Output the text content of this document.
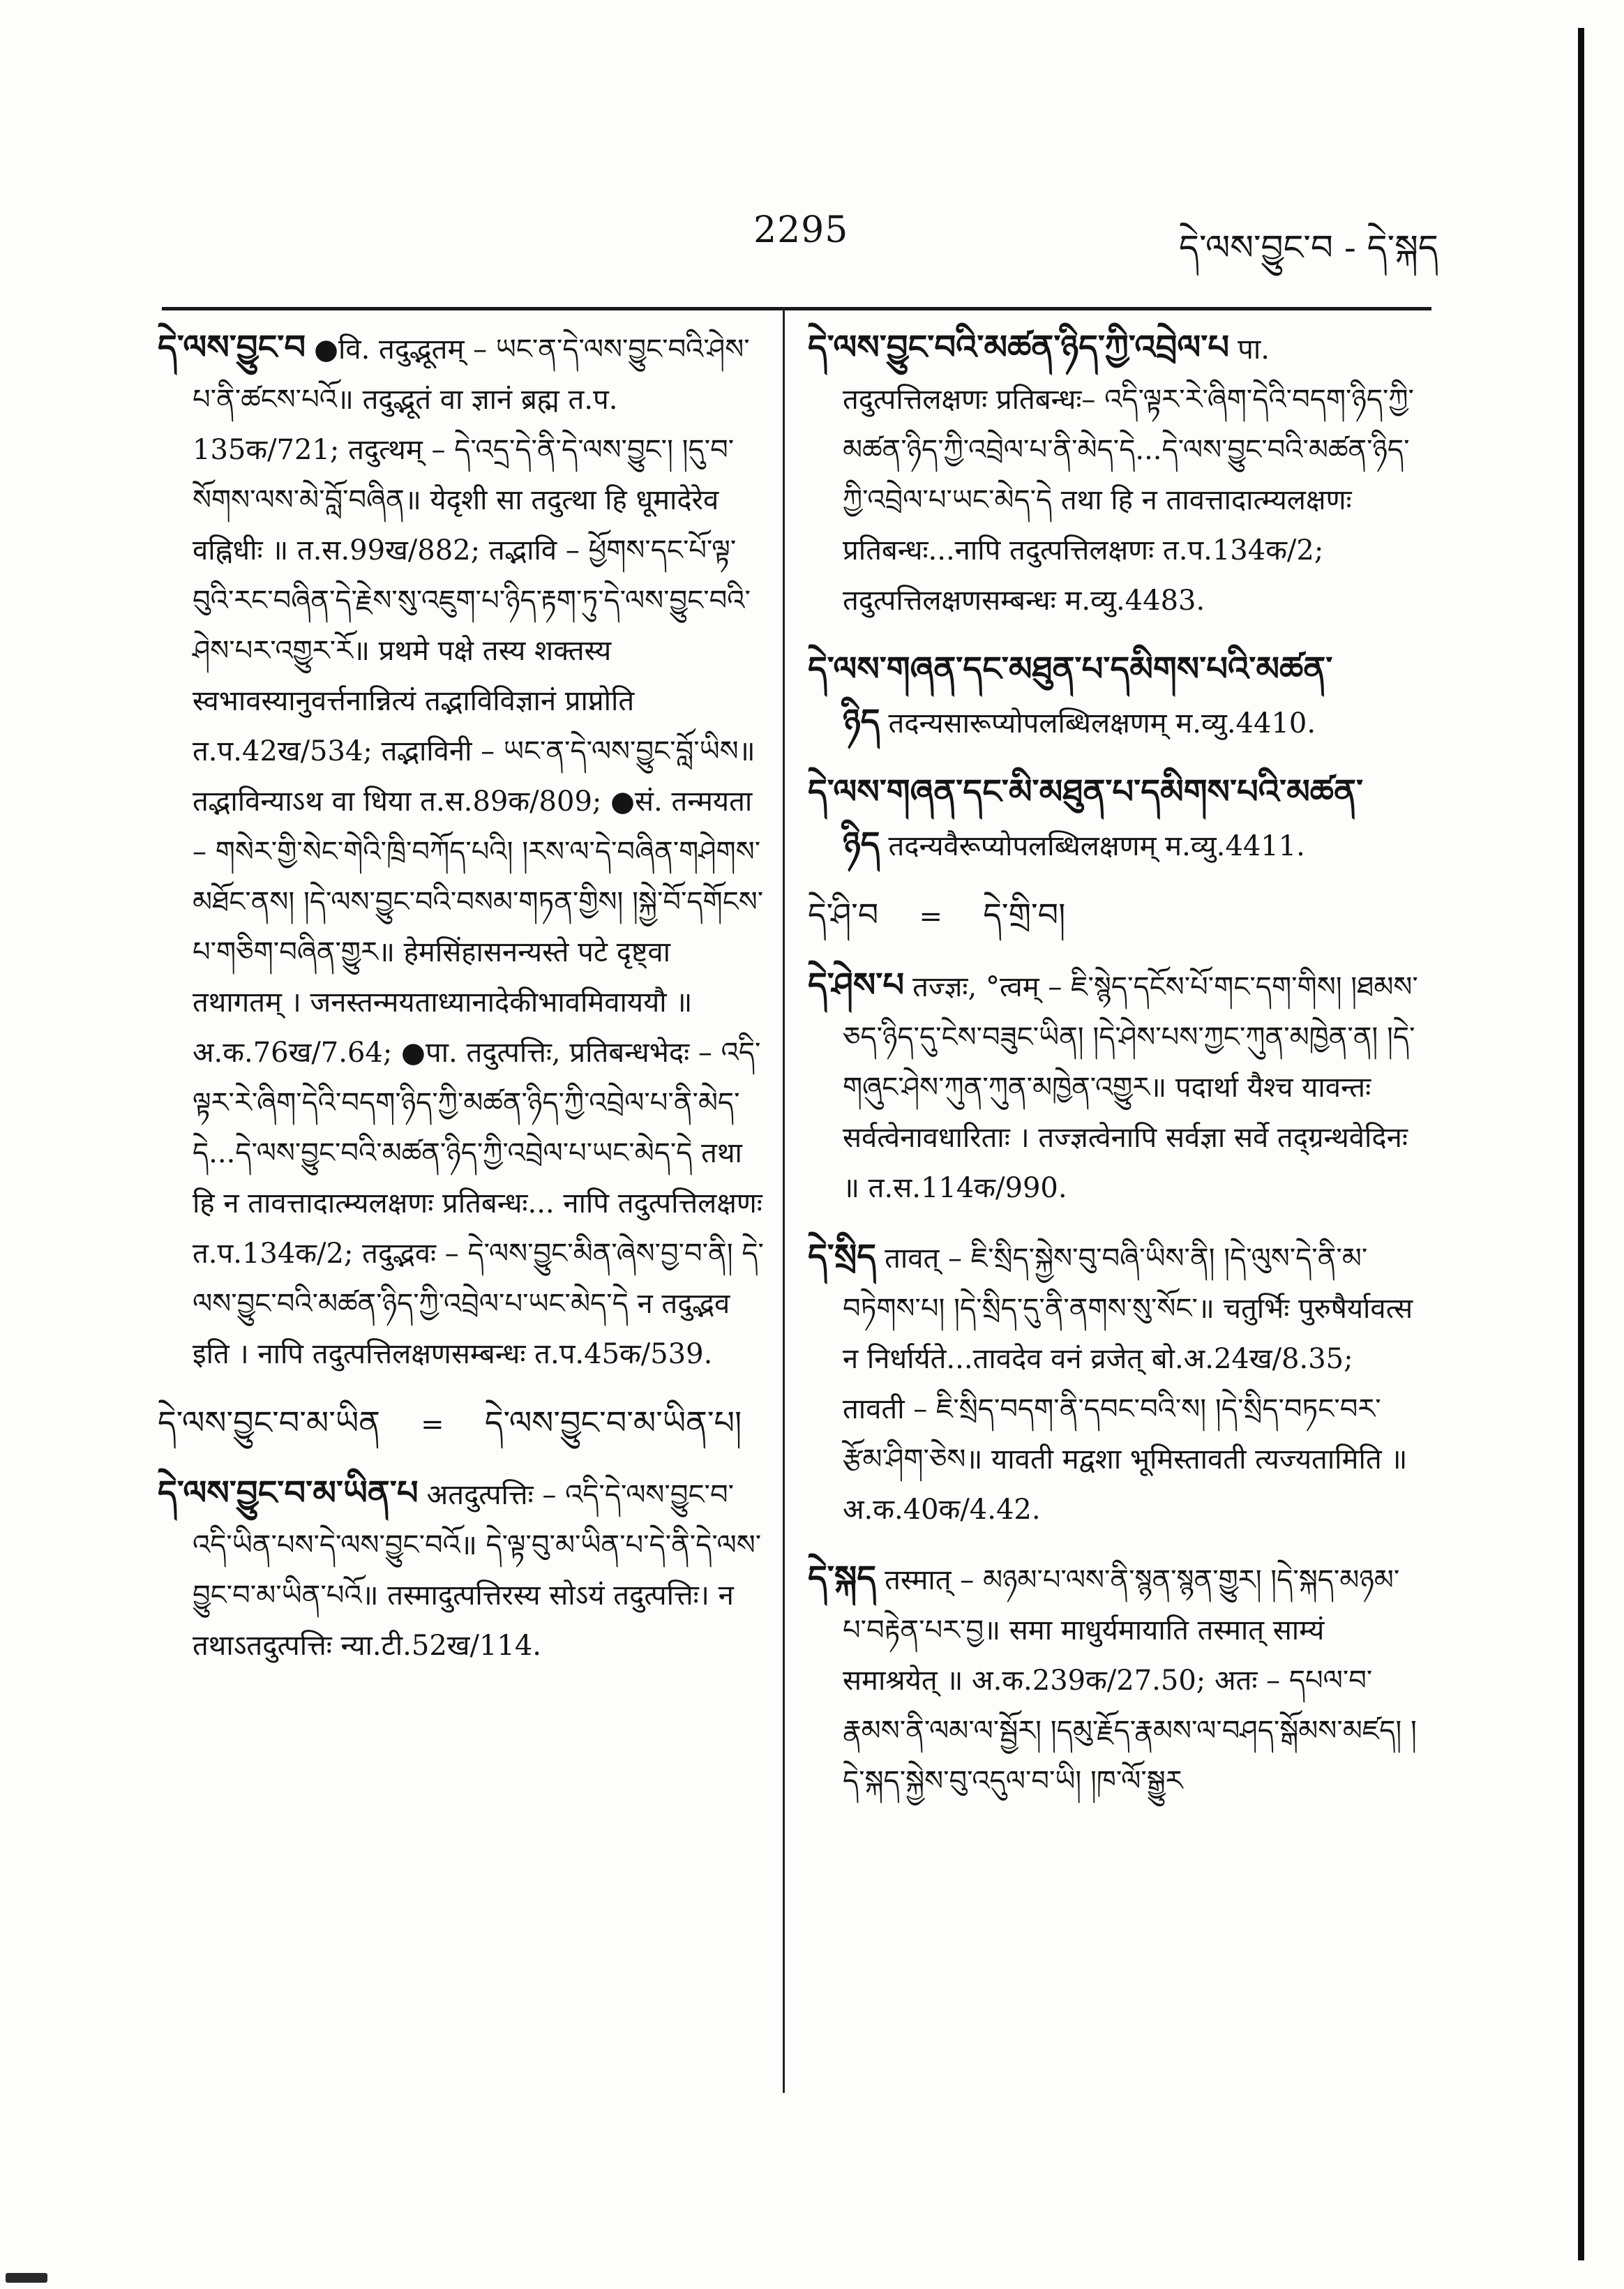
2295	དེ་ལས་བྱུང་བ - དེ་སྐད

དེ་ལས་བྱུང་བ ●वि. तदुद्भूतम् – ཡང་ན་དེ་ལས་བྱུང་བའི་ཤེས་པ་ནི་ཚངས་པའོ॥ तदुद्भूतं वा ज्ञानं ब्रह्म त.प. 135क/721; तदुत्थम् – དེ་འདྲ་དེ་ནི་དེ་ལས་བྱུང་། །དུ་བ་སོགས་ལས་མེ་བློ་བཞིན॥ येदृशी सा तदुत्था हि धूमादेरेव वह्निधीः ॥ त.स.99ख/882; तद्भावि – ཕྱོགས་དང་པོ་ལྟ་བུའི་རང་བཞིན་དེ་རྗེས་སུ་འཇུག་པ་ཉིད་རྟག་ཏུ་དེ་ལས་བྱུང་བའི་ཤེས་པར་འགྱུར་རོ॥ प्रथमे पक्षे तस्य शक्तस्य स्वभावस्यानुवर्त्तनान्नित्यं तद्भाविविज्ञानं प्राप्नोति त.प.42ख/534; तद्भाविनी – ཡང་ན་དེ་ལས་བྱུང་བློ་ཡིས॥ तद्भाविन्याऽथ वा धिया त.स.89क/809; ●सं. तन्मयता – གསེར་གྱི་སེང་གེའི་ཁྲི་བཀོད་པའི། །རས་ལ་དེ་བཞིན་གཤེགས་མཐོང་ནས། །དེ་ལས་བྱུང་བའི་བསམ་གཏན་གྱིས། །སྐྱེ་བོ་དགོངས་པ་གཅིག་བཞིན་གྱུར॥ हेमसिंहासनन्यस्ते पटे दृष्ट्वा तथागतम् । जनस्तन्मयताध्यानादेकीभावमिवाययौ ॥ अ.क.76ख/7.64; ●पा. तदुत्पत्तिः, प्रतिबन्धभेदः – འདི་ལྟར་རེ་ཞིག་དེའི་བདག་ཉིད་ཀྱི་མཚན་ཉིད་ཀྱི་འབྲེལ་པ་ནི་མེད་དེ...དེ་ལས་བྱུང་བའི་མཚན་ཉིད་ཀྱི་འབྲེལ་པ་ཡང་མེད་དེ तथा हि न तावत्तादात्म्यलक्षणः प्रतिबन्धः... नापि तदुत्पत्तिलक्षणः त.प.134क/2; तदुद्भवः – དེ་ལས་བྱུང་མིན་ཞེས་བྱ་བ་ནི། དེ་ལས་བྱུང་བའི་མཚན་ཉིད་ཀྱི་འབྲེལ་པ་ཡང་མེད་དེ न तदुद्भव इति । नापि तदुत्पत्तिलक्षणसम्बन्धः त.प.45क/539.

དེ་ལས་བྱུང་བ་མ་ཡིན = དེ་ལས་བྱུང་བ་མ་ཡིན་པ།

དེ་ལས་བྱུང་བ་མ་ཡིན་པ अतदुत्पत्तिः – འདི་དེ་ལས་བྱུང་བ་འདི་ཡིན་པས་དེ་ལས་བྱུང་བའོ॥ དེ་ལྟ་བུ་མ་ཡིན་པ་དེ་ནི་དེ་ལས་བྱུང་བ་མ་ཡིན་པའོ॥ तस्मादुत्पत्तिरस्य सोऽयं तदुत्पत्तिः। न तथाऽतदुत्पत्तिः न्या.टी.52ख/114.

དེ་ལས་བྱུང་བའི་མཚན་ཉིད་ཀྱི་འབྲེལ་པ पा. तदुत्पत्तिलक्षणः प्रतिबन्धः– འདི་ལྟར་རེ་ཞིག་དེའི་བདག་ཉིད་ཀྱི་མཚན་ཉིད་ཀྱི་འབྲེལ་པ་ནི་མེད་དེ...དེ་ལས་བྱུང་བའི་མཚན་ཉིད་ཀྱི་འབྲེལ་པ་ཡང་མེད་དེ तथा हि न तावत्तादात्म्यलक्षणः प्रतिबन्धः...नापि तदुत्पत्तिलक्षणः त.प.134क/2; तदुत्पत्तिलक्षणसम्बन्धः म.व्यु.4483.

དེ་ལས་གཞན་དང་མཐུན་པ་དམིགས་པའི་མཚན་ཉིད तदन्यसारूप्योपलब्धिलक्षणम् म.व्यु.4410.

དེ་ལས་གཞན་དང་མི་མཐུན་པ་དམིགས་པའི་མཚན་ཉིད तदन्यवैरूप्योपलब्धिलक्षणम् म.व्यु.4411.

དེ་ཤི་བ = དེ་གྲི་བ།

དེ་ཤེས་པ तज्ज्ञः, °त्वम् – ཇི་སྙེད་དངོས་པོ་གང་དག་གིས། །ཐམས་ཅད་ཉིད་དུ་ངེས་བཟུང་ཡིན། །དེ་ཤེས་པས་ཀྱང་ཀུན་མཁྱེན་ན། །དེ་གཞུང་ཤེས་ཀུན་ཀུན་མཁྱེན་འགྱུར॥ पदार्था यैश्च यावन्तः सर्वत्वेनावधारिताः । तज्ज्ञत्वेनापि सर्वज्ञा सर्वे तद्ग्रन्थवेदिनः ॥ त.स.114क/990.

དེ་སྲིད तावत् – ཇི་སྲིད་སྐྱེས་བུ་བཞི་ཡིས་ནི། །དེ་ལུས་དེ་ནི་མ་བཏེགས་པ། །དེ་སྲིད་དུ་ནི་ནགས་སུ་སོང་॥ चतुर्भिः पुरुषैर्यावत्स न निर्धार्यते...तावदेव वनं व्रजेत् बो.अ.24ख/8.35; तावती – ཇི་སྲིད་བདག་ནི་དབང་བའི་ས། །དེ་སྲིད་བཏང་བར་རྩོམ་ཤིག་ཅེས॥ यावती मद्वशा भूमिस्तावती त्यज्यतामिति ॥ अ.क.40क/4.42.

དེ་སྐད तस्मात् – མཉམ་པ་ལས་ནི་སྙན་སྙན་གྱུར། །དེ་སྐད་མཉམ་པ་བརྟེན་པར་བྱ॥ समा माधुर्यमायाति तस्मात् साम्यं समाश्रयेत् ॥ अ.क.239क/27.50; अतः – དཔལ་བ་རྣམས་ནི་ལམ་ལ་སྦྱོར། །དམུ་རྗོད་རྣམས་ལ་བཤད་སྒོམས་མཛད། །དེ་སྐད་སྐྱེས་བུ་འདུལ་བ་ཡི། །ཁ་ལོ་སྒྱུར
